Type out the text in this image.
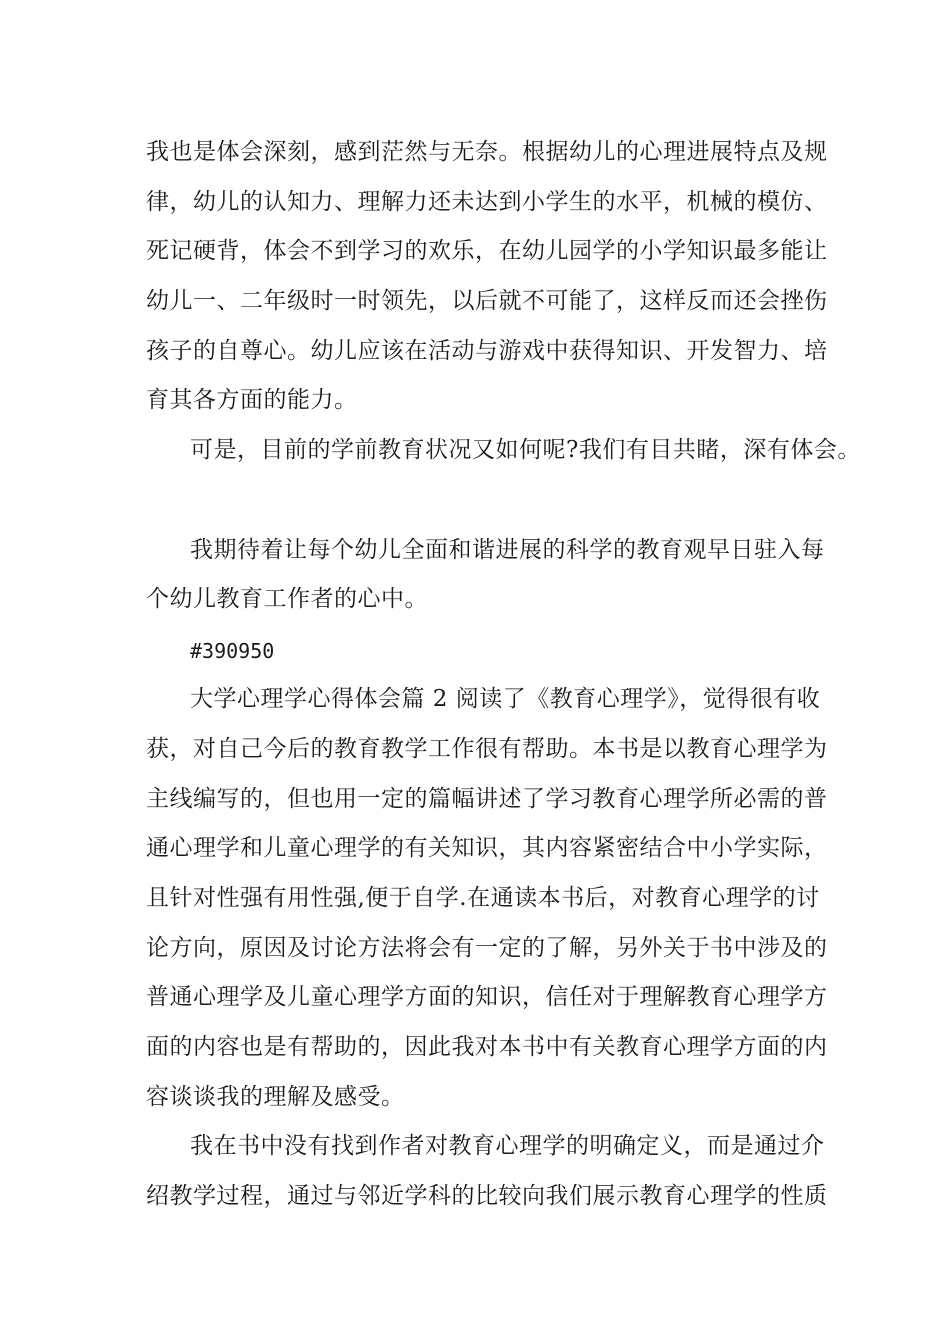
我也是体会深刻，感到茫然与无奈。根据幼儿的心理进展特点及规
律，幼儿的认知力、理解力还未达到小学生的水平，机械的模仿、
死记硬背，体会不到学习的欢乐，在幼儿园学的小学知识最多能让
幼儿一、二年级时一时领先，以后就不可能了，这样反而还会挫伤
孩子的自尊心。幼儿应该在活动与游戏中获得知识、开发智力、培
育其各方面的能力。
可是，目前的学前教育状况又如何呢?我们有目共睹，深有体会。
我期待着让每个幼儿全面和谐进展的科学的教育观早日驻入每
个幼儿教育工作者的心中。
#390950
大学心理学心得体会篇 2 阅读了《教育心理学》，觉得很有收
获，对自己今后的教育教学工作很有帮助。本书是以教育心理学为
主线编写的，但也用一定的篇幅讲述了学习教育心理学所必需的普
通心理学和儿童心理学的有关知识，其内容紧密结合中小学实际，
且针对性强有用性强,便于自学.在通读本书后，对教育心理学的讨
论方向，原因及讨论方法将会有一定的了解，另外关于书中涉及的
普通心理学及儿童心理学方面的知识，信任对于理解教育心理学方
面的内容也是有帮助的，因此我对本书中有关教育心理学方面的内
容谈谈我的理解及感受。
我在书中没有找到作者对教育心理学的明确定义，而是通过介
绍教学过程，通过与邻近学科的比较向我们展示教育心理学的性质
